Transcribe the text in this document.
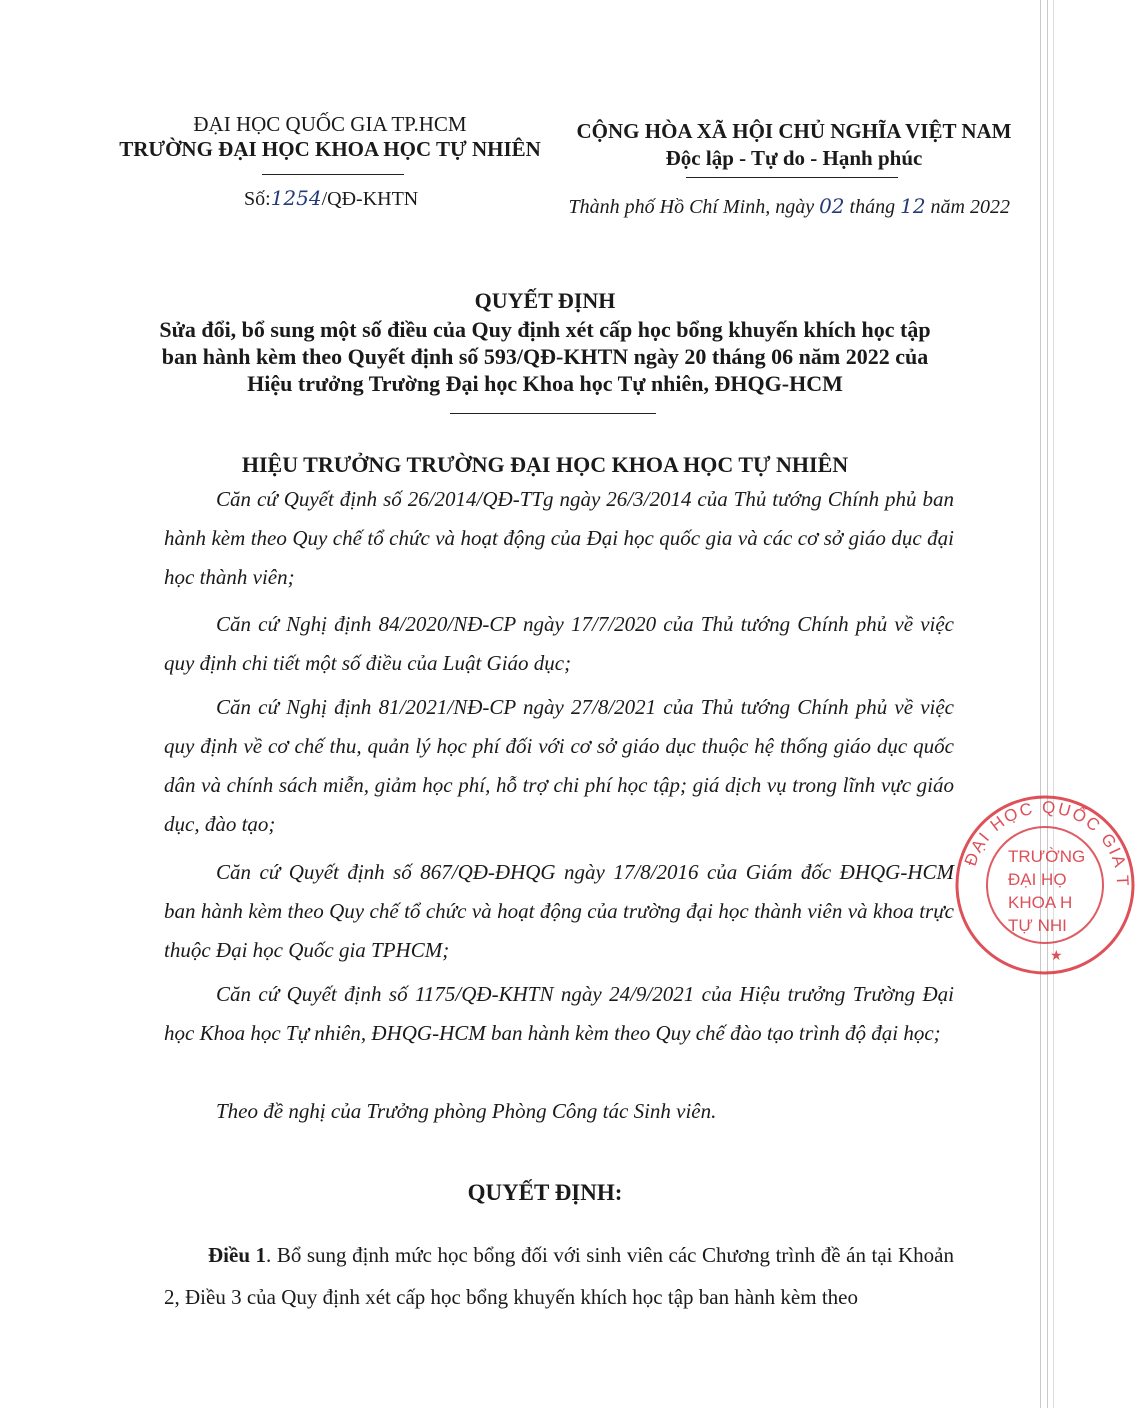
ĐẠI HỌC QUỐC GIA TP.HCM
TRƯỜNG ĐẠI HỌC KHOA HỌC TỰ NHIÊN
Số:1254/QĐ-KHTN
CỘNG HÒA XÃ HỘI CHỦ NGHĨA VIỆT NAM
Độc lập - Tự do - Hạnh phúc
Thành phố Hồ Chí Minh, ngày 02 tháng 12 năm 2022
QUYẾT ĐỊNH
Sửa đổi, bổ sung một số điều của Quy định xét cấp học bổng khuyến khích học tập ban hành kèm theo Quyết định số 593/QĐ-KHTN ngày 20 tháng 06 năm 2022 của Hiệu trưởng Trường Đại học Khoa học Tự nhiên, ĐHQG-HCM
HIỆU TRƯỞNG TRƯỜNG ĐẠI HỌC KHOA HỌC TỰ NHIÊN
Căn cứ Quyết định số 26/2014/QĐ-TTg ngày 26/3/2014 của Thủ tướng Chính phủ ban hành kèm theo Quy chế tổ chức và hoạt động của Đại học quốc gia và các cơ sở giáo dục đại học thành viên;
Căn cứ Nghị định 84/2020/NĐ-CP ngày 17/7/2020 của Thủ tướng Chính phủ về việc quy định chi tiết một số điều của Luật Giáo dục;
Căn cứ Nghị định 81/2021/NĐ-CP ngày 27/8/2021 của Thủ tướng Chính phủ về việc quy định về cơ chế thu, quản lý học phí đối với cơ sở giáo dục thuộc hệ thống giáo dục quốc dân và chính sách miễn, giảm học phí, hỗ trợ chi phí học tập; giá dịch vụ trong lĩnh vực giáo dục, đào tạo;
Căn cứ Quyết định số 867/QĐ-ĐHQG ngày 17/8/2016 của Giám đốc ĐHQG-HCM ban hành kèm theo Quy chế tổ chức và hoạt động của trường đại học thành viên và khoa trực thuộc Đại học Quốc gia TPHCM;
Căn cứ Quyết định số 1175/QĐ-KHTN ngày 24/9/2021 của Hiệu trưởng Trường Đại học Khoa học Tự nhiên, ĐHQG-HCM ban hành kèm theo Quy chế đào tạo trình độ đại học;
Theo đề nghị của Trưởng phòng Phòng Công tác Sinh viên.
QUYẾT ĐỊNH:
Điều 1. Bổ sung định mức học bổng đối với sinh viên các Chương trình đề án tại Khoản 2, Điều 3 của Quy định xét cấp học bổng khuyến khích học tập ban hành kèm theo
ĐẠI HỌC QUỐC GIA T
TRƯỜNG
ĐẠI HỌ
KHOA H
TỰ NHI
★
